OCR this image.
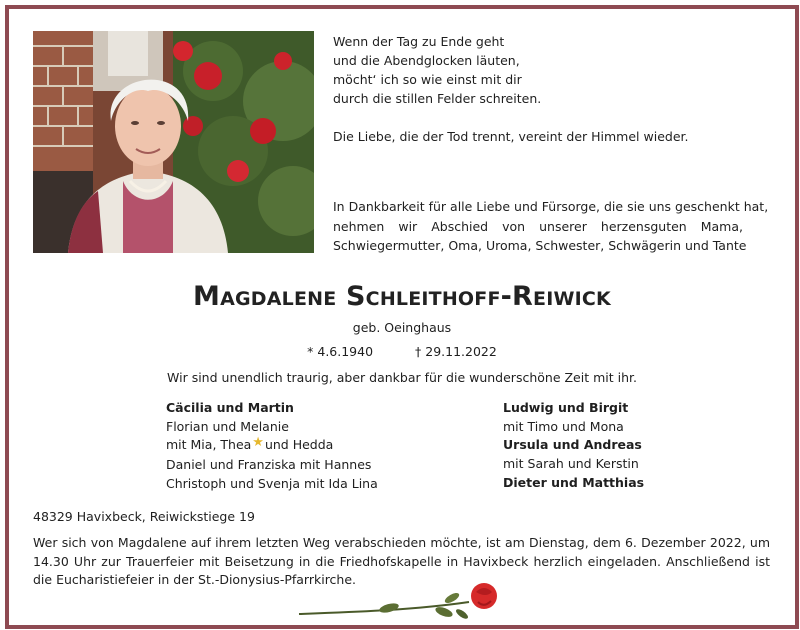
Wenn der Tag zu Ende geht
und die Abendglocken läuten,
möcht‘ ich so wie einst mit dir
durch die stillen Felder schreiten.
Die Liebe, die der Tod trennt, vereint der Himmel wieder.
In Dankbarkeit für alle Liebe und Fürsorge, die sie uns geschenkt hat,
nehmen wir Abschied von unserer herzensguten Mama,
Schwiegermutter, Oma, Uroma, Schwester, Schwägerin und Tante
Magdalene Schleithoff-Reiwick
geb. Oeinghaus
* 4.6.1940	† 29.11.2022
Wir sind unendlich traurig, aber dankbar für die wunderschöne Zeit mit ihr.
Cäcilia und Martin
Florian und Melanie
mit Mia, Thea★und Hedda
Daniel und Franziska mit Hannes
Christoph und Svenja mit Ida Lina
Ludwig und Birgit
mit Timo und Mona
Ursula und Andreas
mit Sarah und Kerstin
Dieter und Matthias
48329 Havixbeck, Reiwickstiege 19
Wer sich von Magdalene auf ihrem letzten Weg verabschieden möchte, ist am Dienstag, dem 6. Dezember 2022, um
14.30 Uhr zur Trauerfeier mit Beisetzung in die Friedhofskapelle in Havixbeck herzlich eingeladen. Anschließend ist
die Eucharistiefeier in der St.-Dionysius-Pfarrkirche.
